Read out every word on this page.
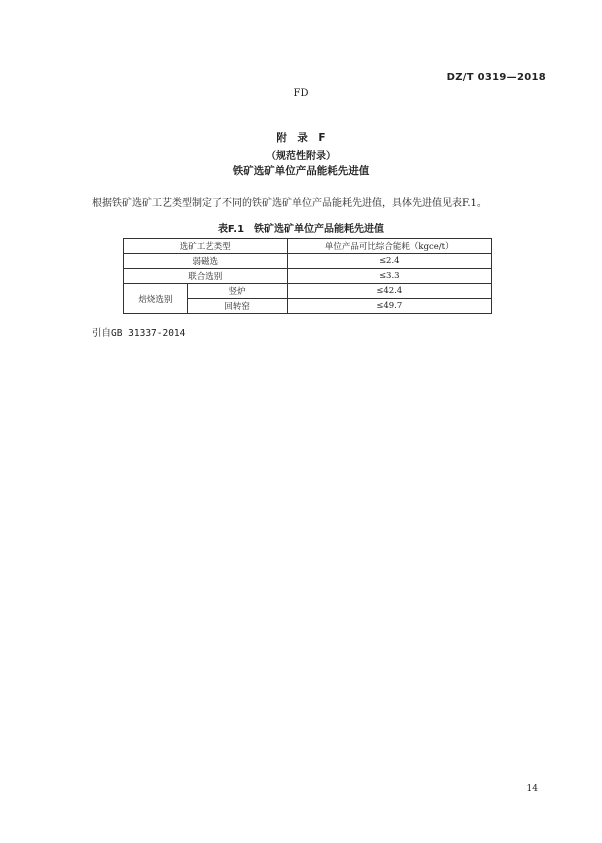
DZ/T 0319—2018
FD
附　录　F
（规范性附录）
铁矿选矿单位产品能耗先进值
根据铁矿选矿工艺类型制定了不同的铁矿选矿单位产品能耗先进值，具体先进值见表F.1。
表F.1　铁矿选矿单位产品能耗先进值
选矿工艺类型		单位产品可比综合能耗（kgce/t）
弱磁选		≤2.4
联合选别		≤3.3
焙烧选别	竖炉	≤42.4
	回转窑	≤49.7
引自GB 31337-2014
14
